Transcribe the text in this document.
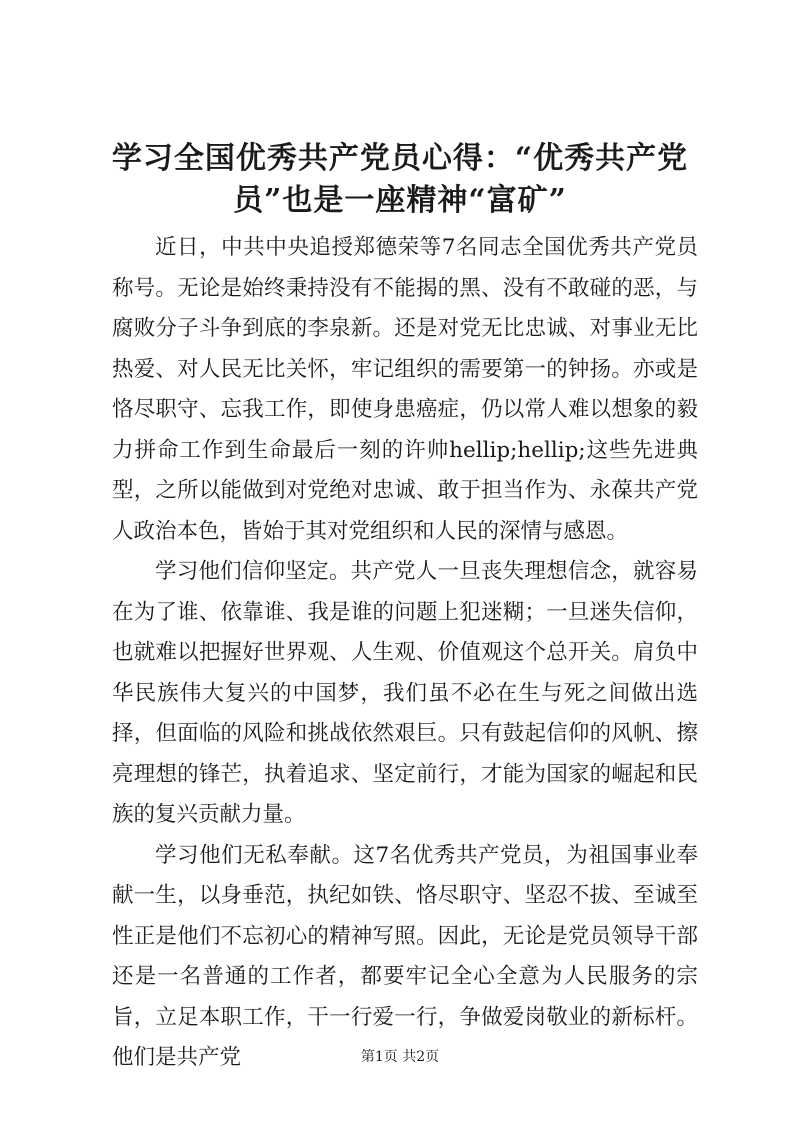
学习全国优秀共产党员心得：“优秀共产党员”也是一座精神“富矿”

近日，中共中央追授郑德荣等7名同志全国优秀共产党员称号。无论是始终秉持没有不能揭的黑、没有不敢碰的恶，与腐败分子斗争到底的李泉新。还是对党无比忠诚、对事业无比热爱、对人民无比关怀，牢记组织的需要第一的钟扬。亦或是恪尽职守、忘我工作，即使身患癌症，仍以常人难以想象的毅力拼命工作到生命最后一刻的许帅hellip;hellip;这些先进典型，之所以能做到对党绝对忠诚、敢于担当作为、永葆共产党人政治本色，皆始于其对党组织和人民的深情与感恩。

学习他们信仰坚定。共产党人一旦丧失理想信念，就容易在为了谁、依靠谁、我是谁的问题上犯迷糊；一旦迷失信仰，也就难以把握好世界观、人生观、价值观这个总开关。肩负中华民族伟大复兴的中国梦，我们虽不必在生与死之间做出选择，但面临的风险和挑战依然艰巨。只有鼓起信仰的风帆、擦亮理想的锋芒，执着追求、坚定前行，才能为国家的崛起和民族的复兴贡献力量。

学习他们无私奉献。这7名优秀共产党员，为祖国事业奉献一生，以身垂范，执纪如铁、恪尽职守、坚忍不拔、至诚至性正是他们不忘初心的精神写照。因此，无论是党员领导干部还是一名普通的工作者，都要牢记全心全意为人民服务的宗旨，立足本职工作，干一行爱一行，争做爱岗敬业的新标杆。他们是共产党	第1页 共2页
